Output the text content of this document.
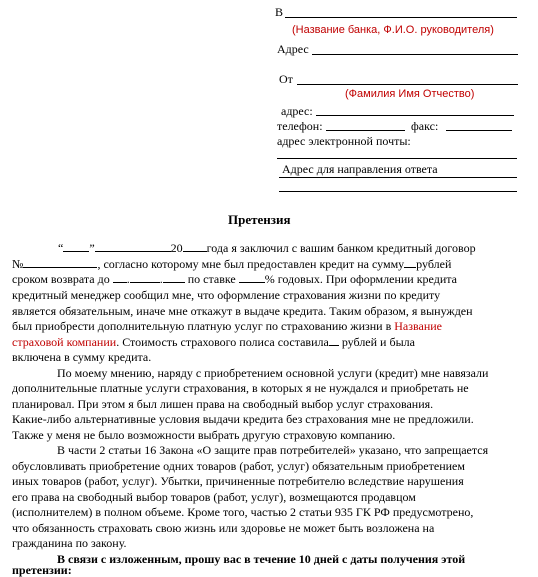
В
(Название банка, Ф.И.О. руководителя)
Адрес
От
(Фамилия Имя Отчество)
адрес:
телефон:	факс:
адрес электронной почты:
Адрес для направления ответа
Претензия
“ ”	20 года я заключил с вашим банком кредитный договор
№	, согласно которому мне был предоставлен кредит на сумму рублей
сроком возврата до .	. по ставке % годовых. При оформлении кредита
кредитный менеджер сообщил мне, что оформление страхования жизни по кредиту
является обязательным, иначе мне откажут в выдаче кредита. Таким образом, я вынужден
был приобрести дополнительную платную услуг по страхованию жизни в Название
страховой компании. Стоимость страхового полиса составила рублей и была
включена в сумму кредита.
По моему мнению, наряду с приобретением основной услуги (кредит) мне навязали
дополнительные платные услуги страхования, в которых я не нуждался и приобретать не
планировал. При этом я был лишен права на свободный выбор услуг страхования.
Какие-либо альтернативные условия выдачи кредита без страхования мне не предложили.
Также у меня не было возможности выбрать другую страховую компанию.
В части 2 статьи 16 Закона «О защите прав потребителей» указано, что запрещается
обусловливать приобретение одних товаров (работ, услуг) обязательным приобретением
иных товаров (работ, услуг). Убытки, причиненные потребителю вследствие нарушения
его права на свободный выбор товаров (работ, услуг), возмещаются продавцом
(исполнителем) в полном объеме. Кроме того, частью 2 статьи 935 ГК РФ предусмотрено,
что обязанность страховать свою жизнь или здоровье не может быть возложена на
гражданина по закону.
В связи с изложенным, прошу вас в течение 10 дней с даты получения этой
претензии:
